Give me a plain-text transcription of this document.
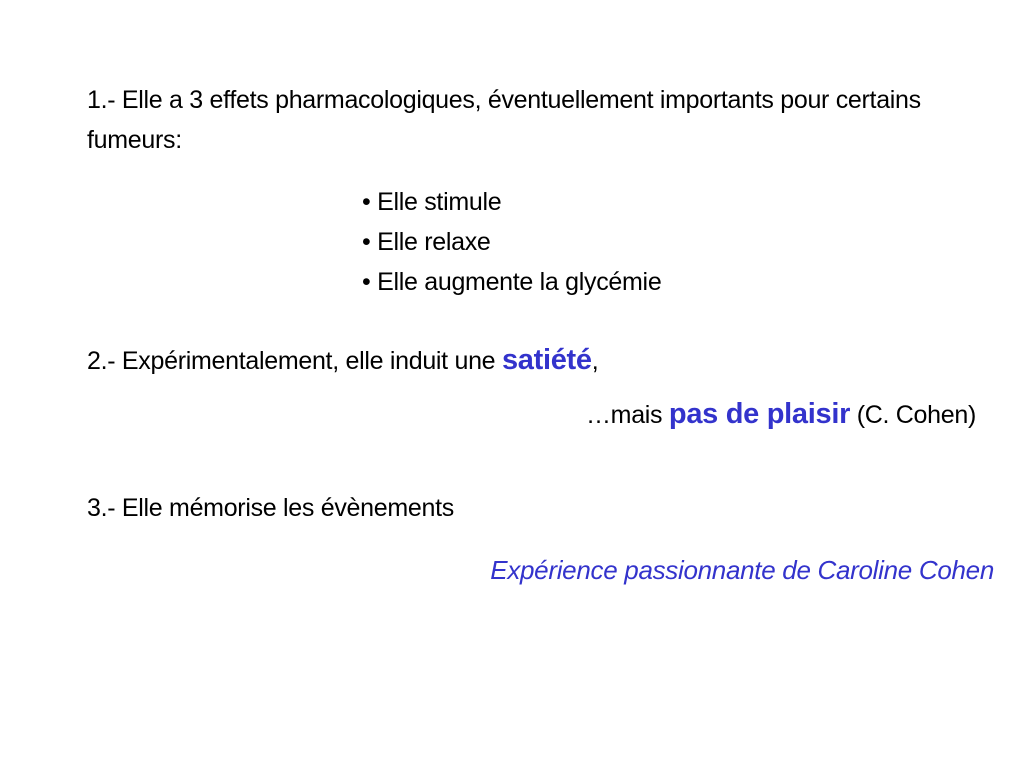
1.- Elle a 3 effets pharmacologiques, éventuellement importants pour certains fumeurs:
• Elle stimule
• Elle relaxe
• Elle augmente la glycémie
2.- Expérimentalement, elle induit une satiété,
…mais pas de plaisir (C. Cohen)
3.- Elle mémorise les évènements
Expérience passionnante de Caroline Cohen
